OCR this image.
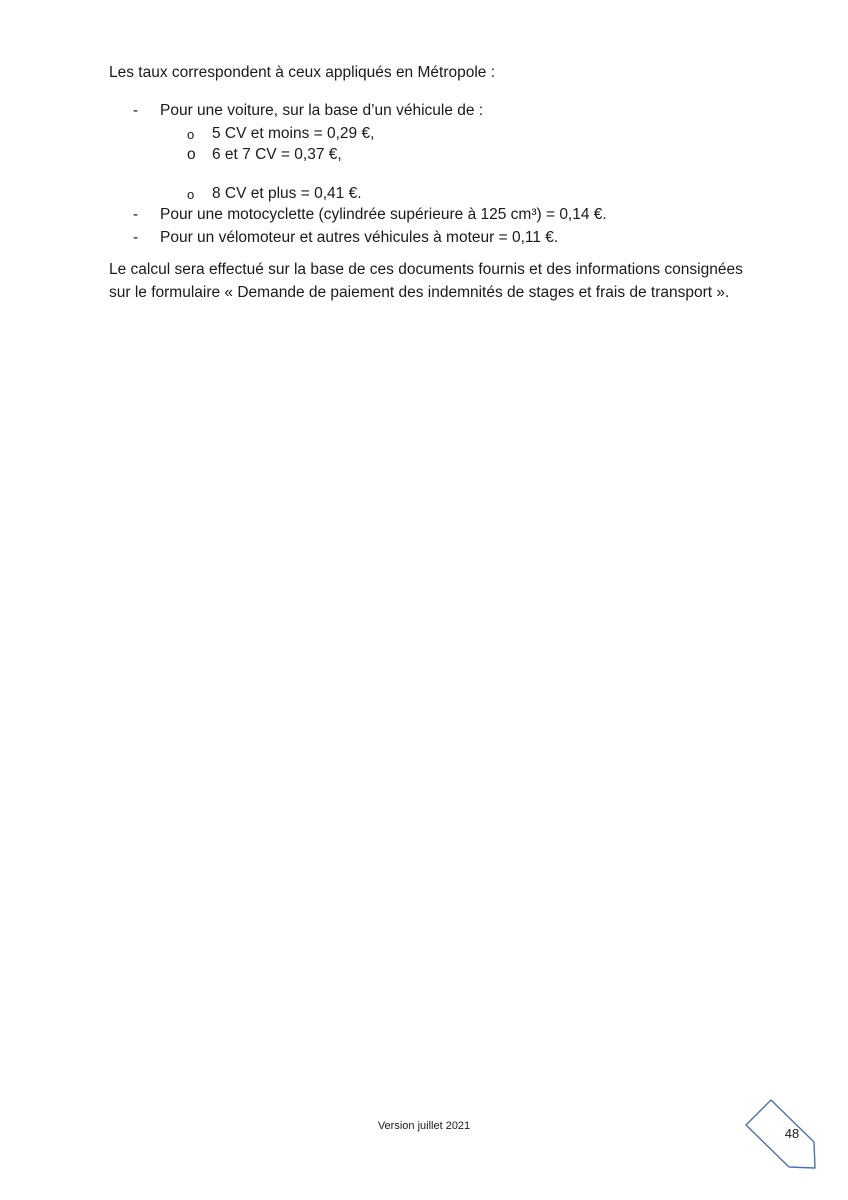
Les taux correspondent à ceux appliqués en Métropole :
- Pour une voiture, sur la base d’un véhicule de :
o 5 CV et moins = 0,29 €,
o 6 et 7 CV = 0,37 €,
o 8 CV et plus = 0,41 €.
- Pour une motocyclette (cylindrée supérieure à 125 cm³) = 0,14 €.
- Pour un vélomoteur et autres véhicules à moteur = 0,11 €.
Le calcul sera effectué sur la base de ces documents fournis et des informations consignées
sur le formulaire « Demande de paiement des indemnités de stages et frais de transport ».
Version juillet 2021	48
